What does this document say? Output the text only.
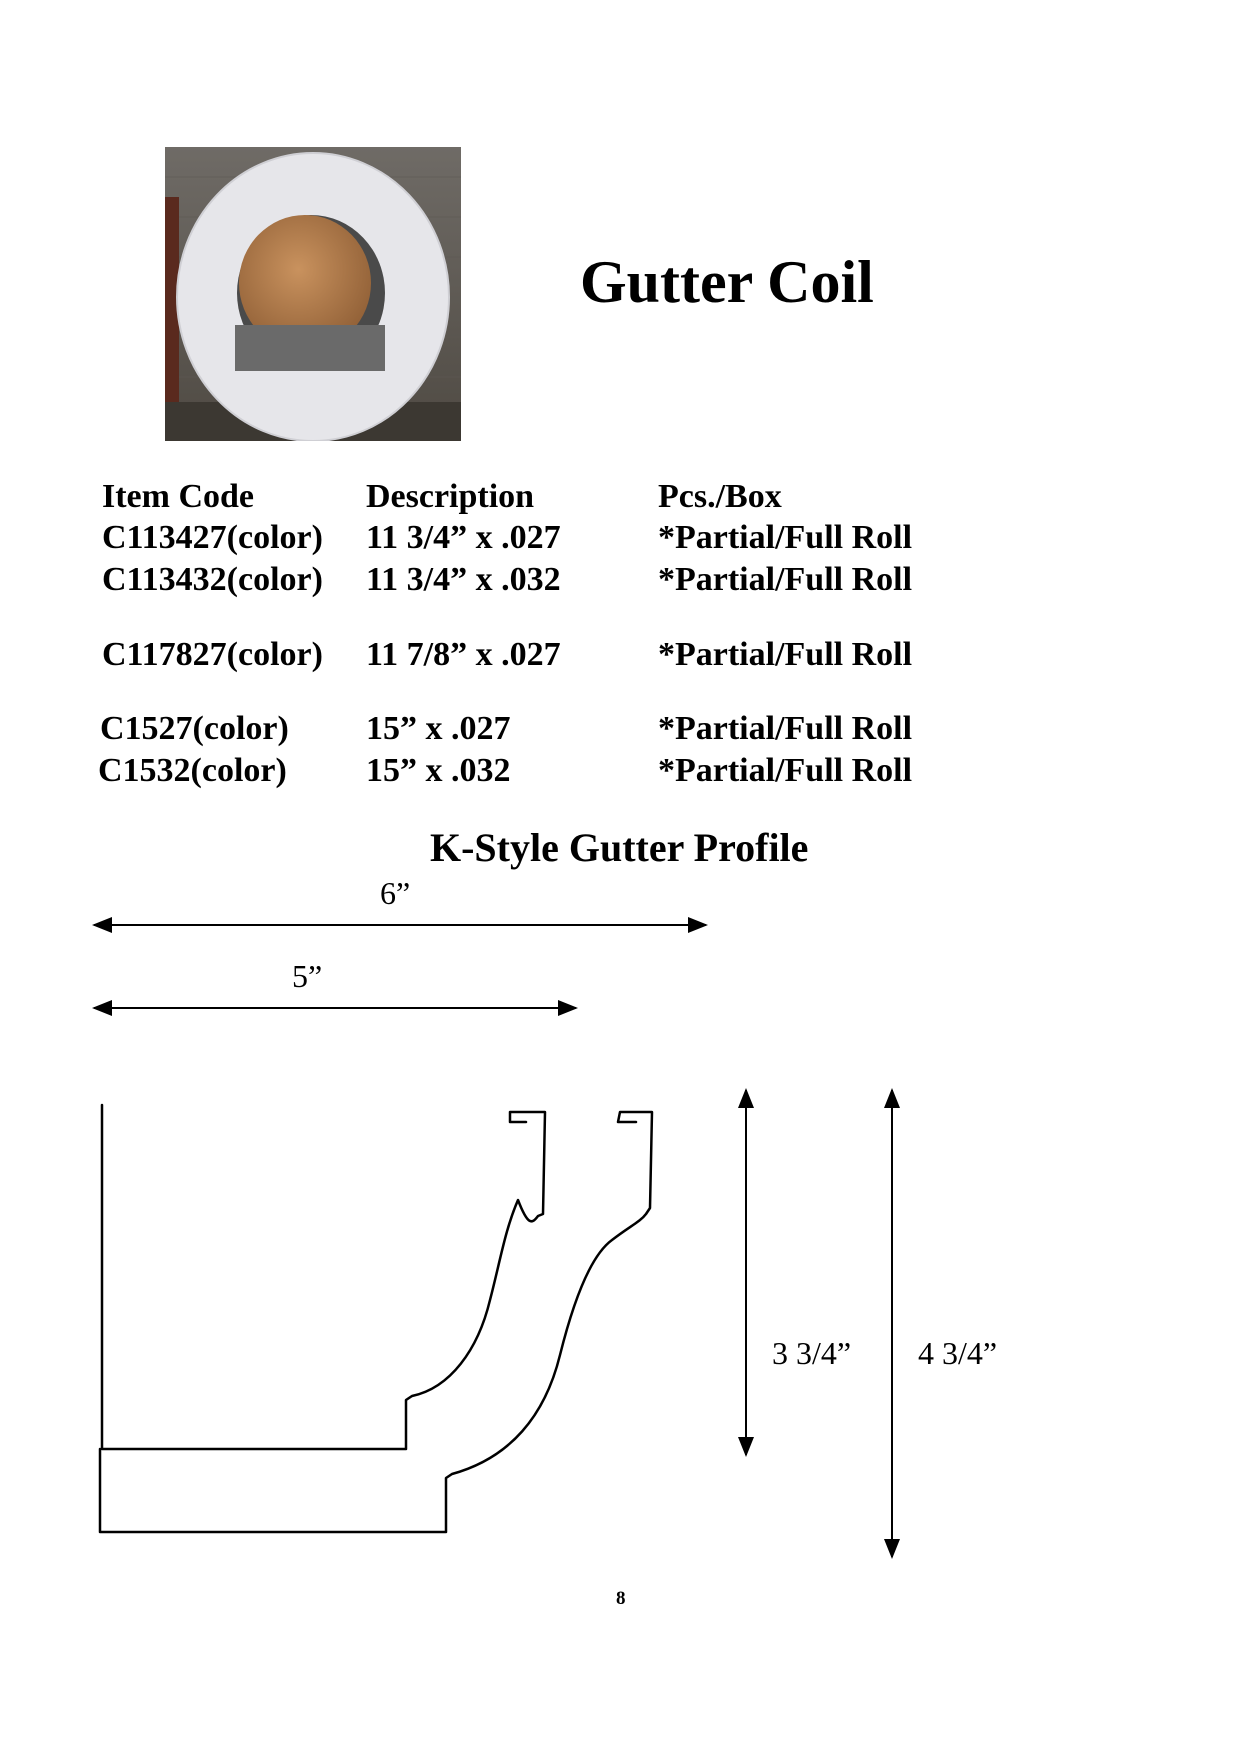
Gutter Coil
Item Code	Description	Pcs./Box
C113427(color) 11 3/4” x .027	*Partial/Full Roll
C113432(color) 11 3/4” x .032	*Partial/Full Roll
C117827(color) 11 7/8” x .027	*Partial/Full Roll
C1527(color) 15” x .027	*Partial/Full Roll
C1532(color) 15” x .032	*Partial/Full Roll
K-Style Gutter Profile
6”
5”
3 3/4” 4 3/4”
8
